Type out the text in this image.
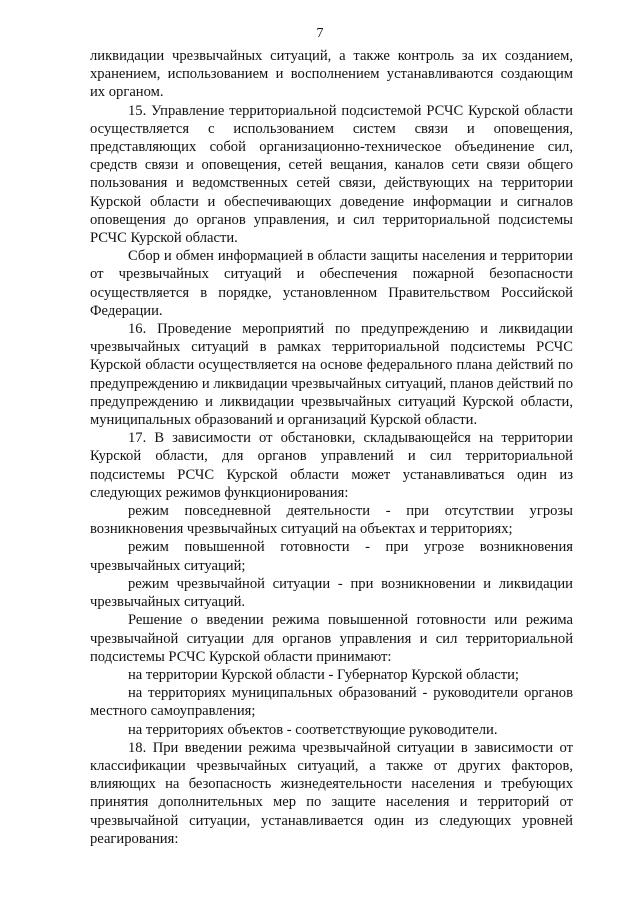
7

ликвидации чрезвычайных ситуаций, а также контроль за их созданием, хранением, использованием и восполнением устанавливаются создающим их органом.

15. Управление территориальной подсистемой РСЧС Курской области осуществляется с использованием систем связи и оповещения, представляющих собой организационно-техническое объединение сил, средств связи и оповещения, сетей вещания, каналов сети связи общего пользования и ведомственных сетей связи, действующих на территории Курской области и обеспечивающих доведение информации и сигналов оповещения до органов управления, и сил территориальной подсистемы РСЧС Курской области.

Сбор и обмен информацией в области защиты населения и территории от чрезвычайных ситуаций и обеспечения пожарной безопасности осуществляется в порядке, установленном Правительством Российской Федерации.

16. Проведение мероприятий по предупреждению и ликвидации чрезвычайных ситуаций в рамках территориальной подсистемы РСЧС Курской области осуществляется на основе федерального плана действий по предупреждению и ликвидации чрезвычайных ситуаций, планов действий по предупреждению и ликвидации чрезвычайных ситуаций Курской области, муниципальных образований и организаций Курской области.

17. В зависимости от обстановки, складывающейся на территории Курской области, для органов управлений и сил территориальной подсистемы РСЧС Курской области может устанавливаться один из следующих режимов функционирования:

режим повседневной деятельности - при отсутствии угрозы возникновения чрезвычайных ситуаций на объектах и территориях;

режим повышенной готовности - при угрозе возникновения чрезвычайных ситуаций;

режим чрезвычайной ситуации - при возникновении и ликвидации чрезвычайных ситуаций.

Решение о введении режима повышенной готовности или режима чрезвычайной ситуации для органов управления и сил территориальной подсистемы РСЧС Курской области принимают:

на территории Курской области - Губернатор Курской области;

на территориях муниципальных образований - руководители органов местного самоуправления;

на территориях объектов - соответствующие руководители.

18. При введении режима чрезвычайной ситуации в зависимости от классификации чрезвычайных ситуаций, а также от других факторов, влияющих на безопасность жизнедеятельности населения и требующих принятия дополнительных мер по защите населения и территорий от чрезвычайной ситуации, устанавливается один из следующих уровней реагирования:
